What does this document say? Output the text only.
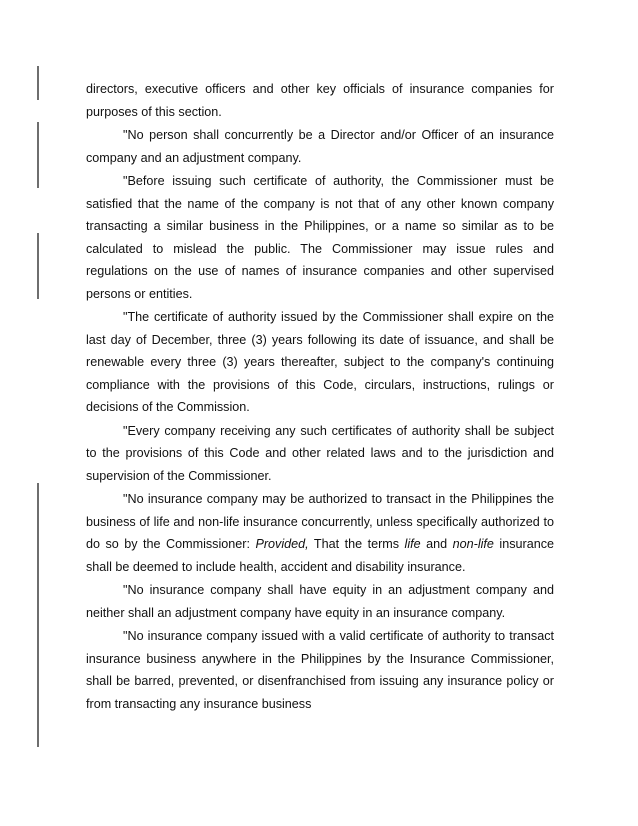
directors, executive officers and other key officials of insurance companies for purposes of this section.

"No person shall concurrently be a Director and/or Officer of an insurance company and an adjustment company.

"Before issuing such certificate of authority, the Commissioner must be satisfied that the name of the company is not that of any other known company transacting a similar business in the Philippines, or a name so similar as to be calculated to mislead the public. The Commissioner may issue rules and regulations on the use of names of insurance companies and other supervised persons or entities.

"The certificate of authority issued by the Commissioner shall expire on the last day of December, three (3) years following its date of issuance, and shall be renewable every three (3) years thereafter, subject to the company's continuing compliance with the provisions of this Code, circulars, instructions, rulings or decisions of the Commission.

"Every company receiving any such certificates of authority shall be subject to the provisions of this Code and other related laws and to the jurisdiction and supervision of the Commissioner.

"No insurance company may be authorized to transact in the Philippines the business of life and non-life insurance concurrently, unless specifically authorized to do so by the Commissioner: Provided, That the terms life and non-life insurance shall be deemed to include health, accident and disability insurance.

"No insurance company shall have equity in an adjustment company and neither shall an adjustment company have equity in an insurance company.

"No insurance company issued with a valid certificate of authority to transact insurance business anywhere in the Philippines by the Insurance Commissioner, shall be barred, prevented, or disenfranchised from issuing any insurance policy or from transacting any insurance business
